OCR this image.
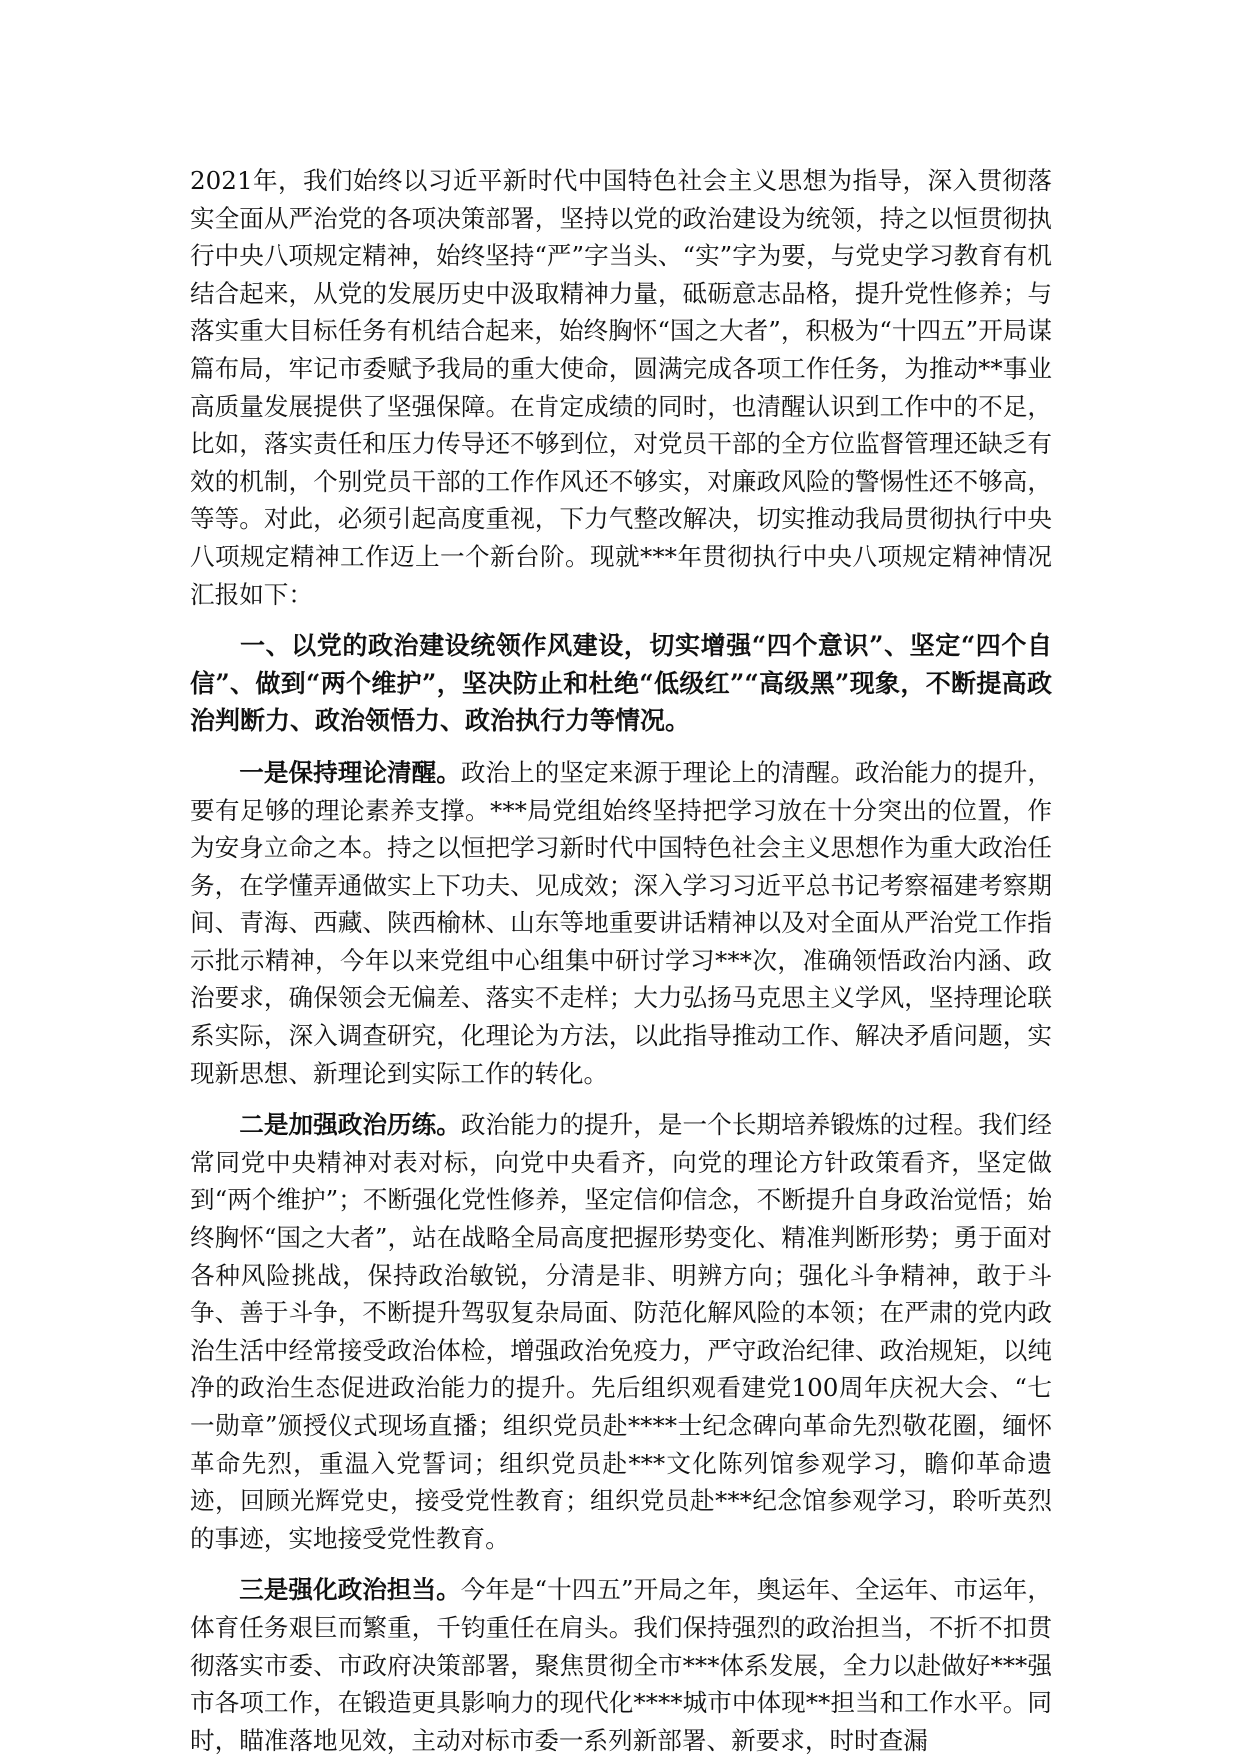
2021年，我们始终以习近平新时代中国特色社会主义思想为指导，深入贯彻落实全面从严治党的各项决策部署，坚持以党的政治建设为统领，持之以恒贯彻执行中央八项规定精神，始终坚持“严”字当头、“实”字为要，与党史学习教育有机结合起来，从党的发展历史中汲取精神力量，砥砺意志品格，提升党性修养；与落实重大目标任务有机结合起来，始终胸怀“国之大者”，积极为“十四五”开局谋篇布局，牢记市委赋予我局的重大使命，圆满完成各项工作任务，为推动**事业高质量发展提供了坚强保障。在肯定成绩的同时，也清醒认识到工作中的不足，比如，落实责任和压力传导还不够到位，对党员干部的全方位监督管理还缺乏有效的机制，个别党员干部的工作作风还不够实，对廉政风险的警惕性还不够高，等等。对此，必须引起高度重视，下力气整改解决，切实推动我局贯彻执行中央八项规定精神工作迈上一个新台阶。现就***年贯彻执行中央八项规定精神情况汇报如下：

一、以党的政治建设统领作风建设，切实增强“四个意识”、坚定“四个自信”、做到“两个维护”，坚决防止和杜绝“低级红”“高级黑”现象，不断提高政治判断力、政治领悟力、政治执行力等情况。

一是保持理论清醒。政治上的坚定来源于理论上的清醒。政治能力的提升，要有足够的理论素养支撑。***局党组始终坚持把学习放在十分突出的位置，作为安身立命之本。持之以恒把学习新时代中国特色社会主义思想作为重大政治任务，在学懂弄通做实上下功夫、见成效；深入学习习近平总书记考察福建考察期间、青海、西藏、陕西榆林、山东等地重要讲话精神以及对全面从严治党工作指示批示精神，今年以来党组中心组集中研讨学习***次，准确领悟政治内涵、政治要求，确保领会无偏差、落实不走样；大力弘扬马克思主义学风，坚持理论联系实际，深入调查研究，化理论为方法，以此指导推动工作、解决矛盾问题，实现新思想、新理论到实际工作的转化。

二是加强政治历练。政治能力的提升，是一个长期培养锻炼的过程。我们经常同党中央精神对表对标，向党中央看齐，向党的理论方针政策看齐，坚定做到“两个维护”；不断强化党性修养，坚定信仰信念，不断提升自身政治觉悟；始终胸怀“国之大者”，站在战略全局高度把握形势变化、精准判断形势；勇于面对各种风险挑战，保持政治敏锐，分清是非、明辨方向；强化斗争精神，敢于斗争、善于斗争，不断提升驾驭复杂局面、防范化解风险的本领；在严肃的党内政治生活中经常接受政治体检，增强政治免疫力，严守政治纪律、政治规矩，以纯净的政治生态促进政治能力的提升。先后组织观看建党100周年庆祝大会、“七一勋章”颁授仪式现场直播；组织党员赴****士纪念碑向革命先烈敬花圈，缅怀革命先烈，重温入党誓词；组织党员赴***文化陈列馆参观学习，瞻仰革命遗迹，回顾光辉党史，接受党性教育；组织党员赴***纪念馆参观学习，聆听英烈的事迹，实地接受党性教育。

三是强化政治担当。今年是“十四五”开局之年，奥运年、全运年、市运年，体育任务艰巨而繁重，千钧重任在肩头。我们保持强烈的政治担当，不折不扣贯彻落实市委、市政府决策部署，聚焦贯彻全市***体系发展，全力以赴做好***强市各项工作，在锻造更具影响力的现代化****城市中体现**担当和工作水平。同时，瞄准落地见效，主动对标市委一系列新部署、新要求，时时查漏
